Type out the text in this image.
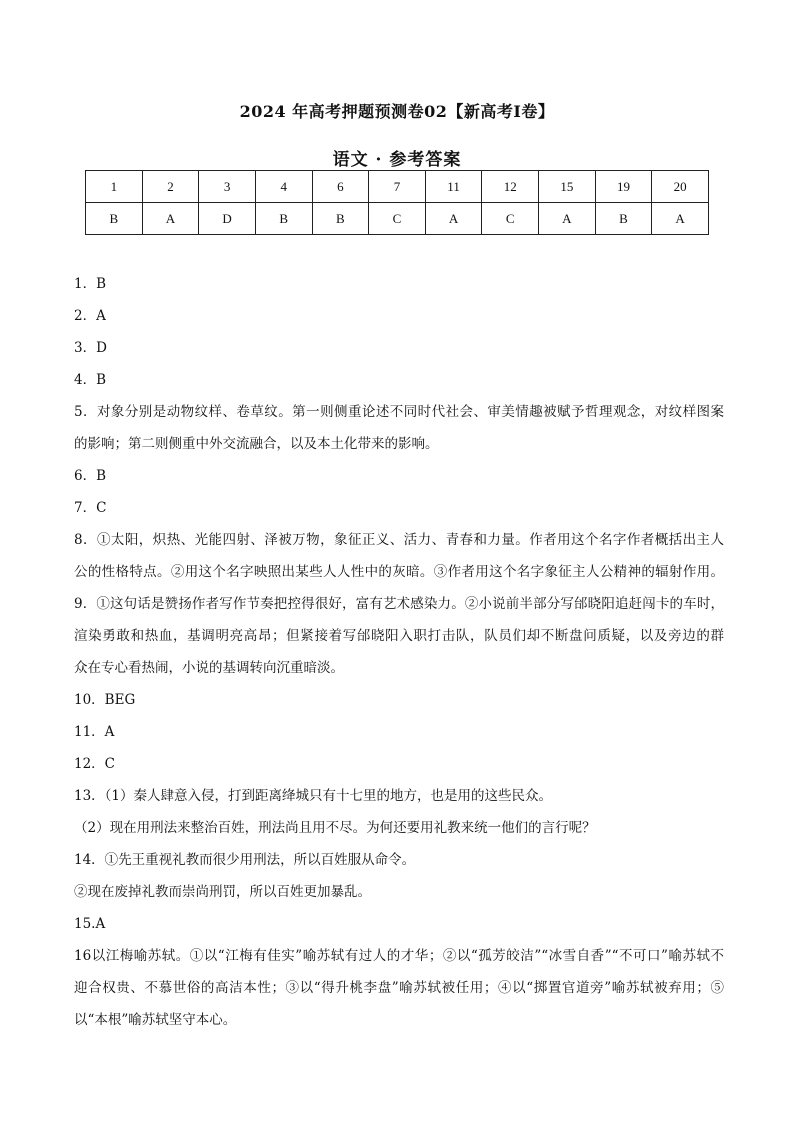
2024 年高考押题预测卷02【新高考I卷】
语文 · 参考答案
1	2	3	4	6	7	11	12	15	19	20
B	A	D	B	B	C	A	C	A	B	A
1．B
2．A
3．D
4．B
5．对象分别是动物纹样、卷草纹。第一则侧重论述不同时代社会、审美情趣被赋予哲理观念，对纹样图案
的影响；第二则侧重中外交流融合，以及本土化带来的影响。
6．B
7．C
8．①太阳，炽热、光能四射、泽被万物，象征正义、活力、青春和力量。作者用这个名字作者概括出主人
公的性格特点。②用这个名字映照出某些人人性中的灰暗。③作者用这个名字象征主人公精神的辐射作用。
9．①这句话是赞扬作者写作节奏把控得很好，富有艺术感染力。②小说前半部分写邰晓阳追赶闯卡的车时，
渲染勇敢和热血，基调明亮高昂；但紧接着写邰晓阳入职打击队，队员们却不断盘问质疑，以及旁边的群
众在专心看热闹，小说的基调转向沉重暗淡。
10．BEG
11．A
12．C
13．（1）秦人肆意入侵，打到距离绛城只有十七里的地方，也是用的这些民众。
（2）现在用刑法来整治百姓，刑法尚且用不尽。为何还要用礼教来统一他们的言行呢？
14．①先王重视礼教而很少用刑法，所以百姓服从命令。
②现在废掉礼教而崇尚刑罚，所以百姓更加暴乱。
15.A
16以江梅喻苏轼。①以“江梅有佳实”喻苏轼有过人的才华；②以“孤芳皎洁”“冰雪自香”“不可口”喻苏轼不
迎合权贵、不慕世俗的高洁本性；③以“得升桃李盘”喻苏轼被任用；④以“掷置官道旁”喻苏轼被弃用；⑤
以“本根”喻苏轼坚守本心。
